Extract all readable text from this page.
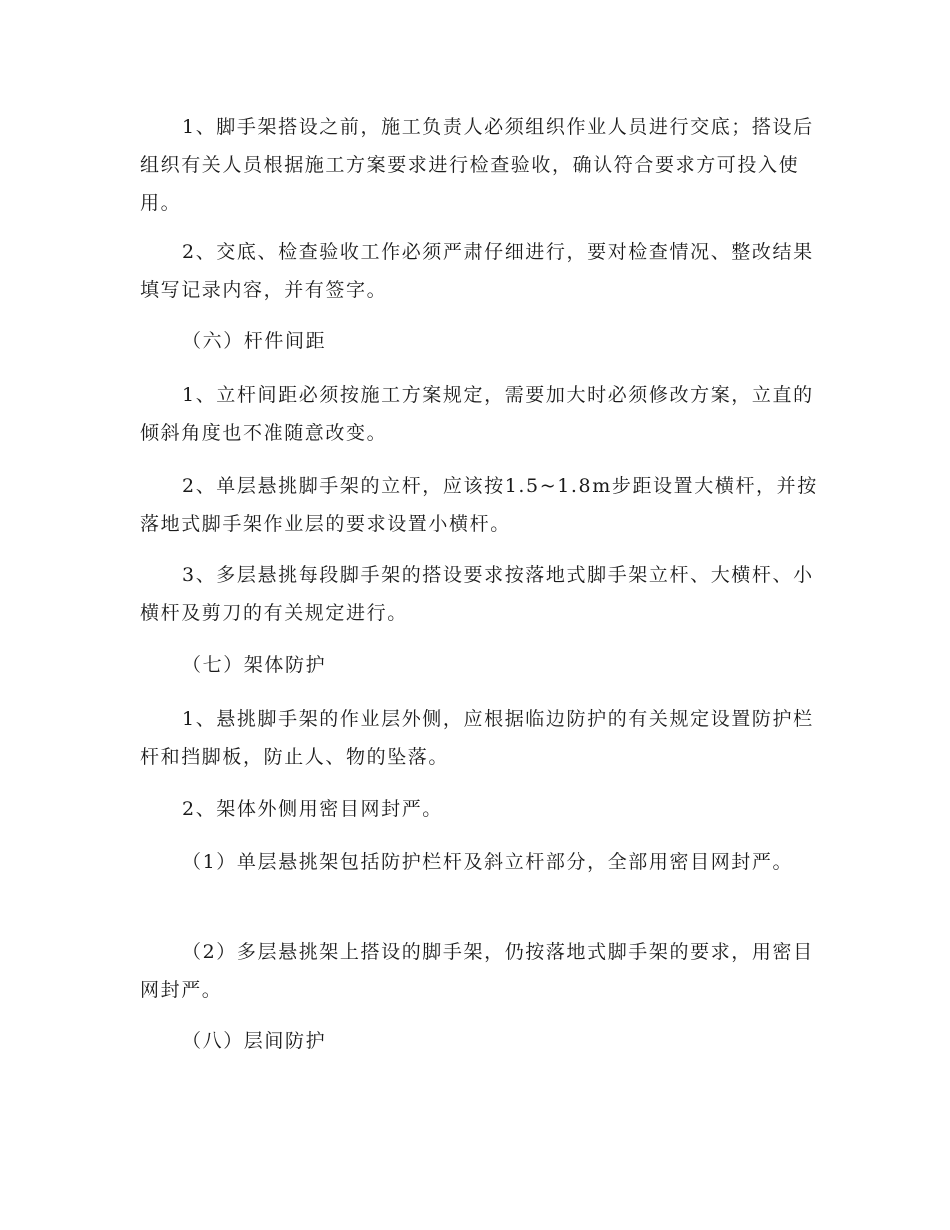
1、脚手架搭设之前，施工负责人必须组织作业人员进行交底；搭设后组织有关人员根据施工方案要求进行检查验收，确认符合要求方可投入使用。

2、交底、检查验收工作必须严肃仔细进行，要对检查情况、整改结果填写记录内容，并有签字。

（六）杆件间距

1、立杆间距必须按施工方案规定，需要加大时必须修改方案，立直的倾斜角度也不准随意改变。

2、单层悬挑脚手架的立杆，应该按1.5~1.8m步距设置大横杆，并按落地式脚手架作业层的要求设置小横杆。

3、多层悬挑每段脚手架的搭设要求按落地式脚手架立杆、大横杆、小横杆及剪刀的有关规定进行。

（七）架体防护

1、悬挑脚手架的作业层外侧，应根据临边防护的有关规定设置防护栏杆和挡脚板，防止人、物的坠落。

2、架体外侧用密目网封严。

（1）单层悬挑架包括防护栏杆及斜立杆部分，全部用密目网封严。

（2）多层悬挑架上搭设的脚手架，仍按落地式脚手架的要求，用密目网封严。

（八）层间防护
